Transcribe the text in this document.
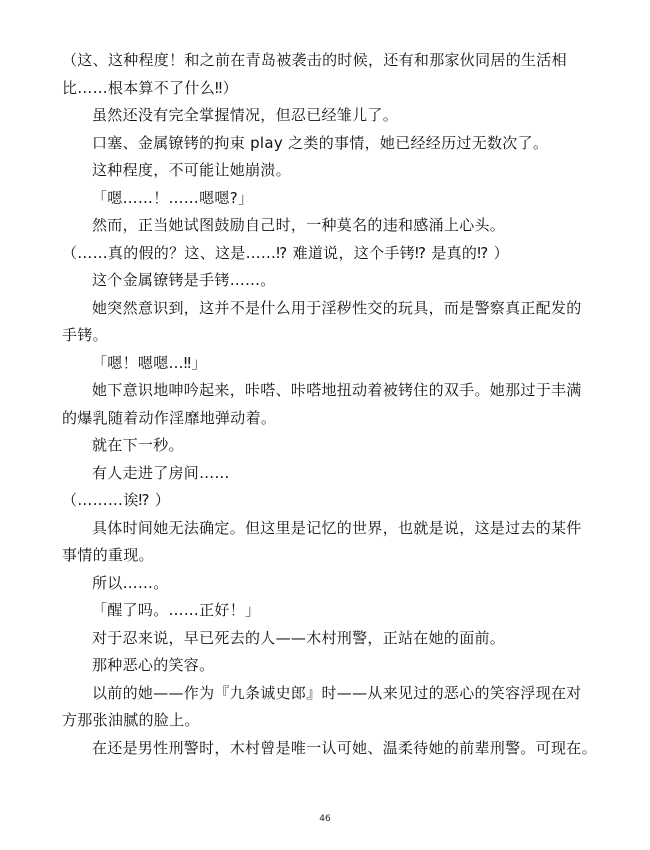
（这、这种程度！和之前在青岛被袭击的时候，还有和那家伙同居的生活相
比……根本算不了什么‼）
虽然还没有完全掌握情况，但忍已经雏儿了。
口塞、金属镣铐的拘束 play 之类的事情，她已经经历过无数次了。
这种程度，不可能让她崩溃。
「嗯……！……嗯嗯?」
然而，正当她试图鼓励自己时，一种莫名的违和感涌上心头。
（……真的假的？这、这是……⁉ 难道说，这个手铐⁉ 是真的⁉ ）
这个金属镣铐是手铐……。
她突然意识到，这并不是什么用于淫秽性交的玩具，而是警察真正配发的
手铐。
「嗯！嗯嗯…‼」
她下意识地呻吟起来，咔嗒、咔嗒地扭动着被铐住的双手。她那过于丰满
的爆乳随着动作淫靡地弹动着。
就在下一秒。
有人走进了房间……
（………诶⁉ ）
具体时间她无法确定。但这里是记忆的世界，也就是说，这是过去的某件
事情的重现。
所以……。
「醒了吗。……正好！」
对于忍来说，早已死去的人——木村刑警，正站在她的面前。
那种恶心的笑容。
以前的她——作为『九条诚史郎』时——从来见过的恶心的笑容浮现在对
方那张油腻的脸上。
在还是男性刑警时，木村曾是唯一认可她、温柔待她的前辈刑警。可现在。
46
